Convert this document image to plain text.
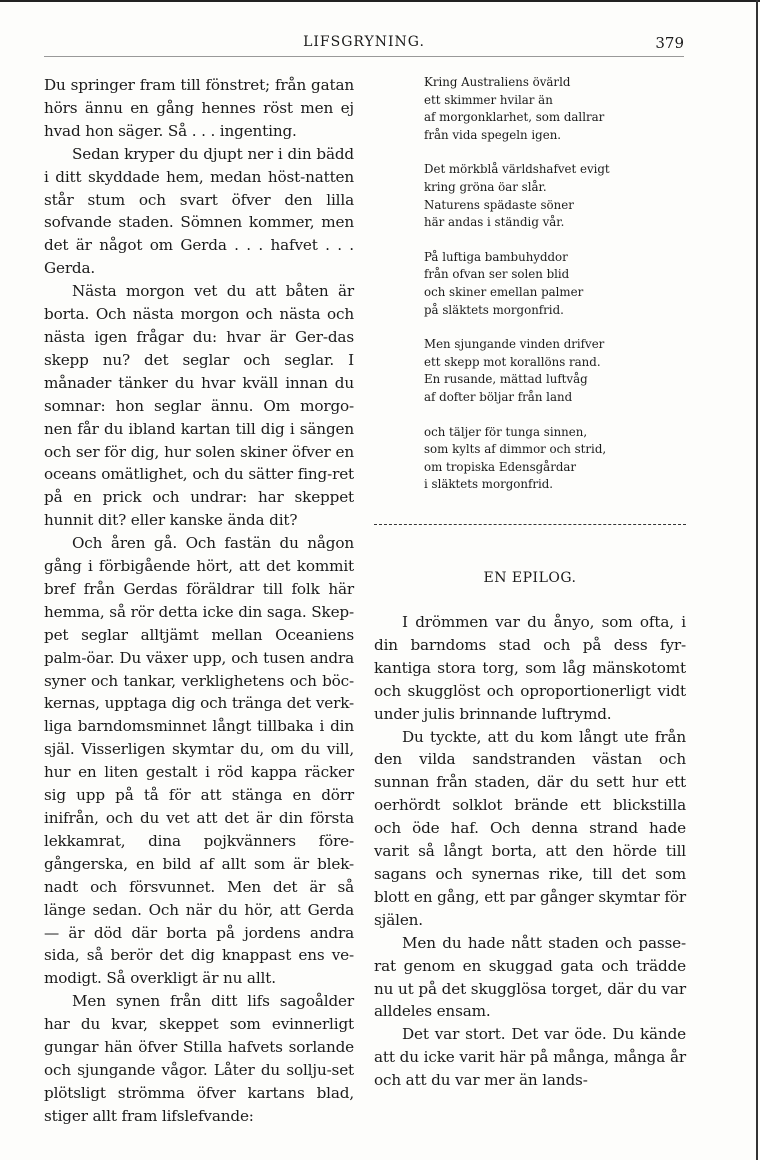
LIFSGRYNING.	379

Du springer fram till fönstret; från gatan hörs ännu en gång hennes röst men ej hvad hon säger. Så . . . ingenting.

Sedan kryper du djupt ner i din bädd i ditt skyddade hem, medan höst-natten står stum och svart öfver den lilla sofvande staden. Sömnen kommer, men det är något om Gerda . . . hafvet . . . Gerda.

Nästa morgon vet du att båten är borta. Och nästa morgon och nästa och nästa igen frågar du: hvar är Ger-das skepp nu? det seglar och seglar. I månader tänker du hvar kväll innan du somnar: hon seglar ännu. Om morgo-nen får du ibland kartan till dig i sängen och ser för dig, hur solen skiner öfver en oceans omätlighet, och du sätter fing-ret på en prick och undrar: har skeppet hunnit dit? eller kanske ända dit?

Och åren gå. Och fastän du någon gång i förbigående hört, att det kommit bref från Gerdas föräldrar till folk här hemma, så rör detta icke din saga. Skep-pet seglar alltjämt mellan Oceaniens palm-öar. Du växer upp, och tusen andra syner och tankar, verklighetens och böc-kernas, upptaga dig och tränga det verk-liga barndomsminnet långt tillbaka i din själ. Visserligen skymtar du, om du vill, hur en liten gestalt i röd kappa räcker sig upp på tå för att stänga en dörr inifrån, och du vet att det är din första lekkamrat, dina pojkvänners före-gångerska, en bild af allt som är blek-nadt och försvunnet. Men det är så länge sedan. Och när du hör, att Gerda — är död där borta på jordens andra sida, så berör det dig knappast ens ve-modigt. Så overkligt är nu allt.

Men synen från ditt lifs sagoålder har du kvar, skeppet som evinnerligt gungar hän öfver Stilla hafvets sorlande och sjungande vågor. Låter du sollju-set plötsligt strömma öfver kartans blad, stiger allt fram lifslefvande:

Kring Australiens övärld
ett skimmer hvilar än
af morgonklarhet, som dallrar
från vida spegeln igen.
Det mörkblå världshafvet evigt
kring gröna öar slår.
Naturens spädaste söner
här andas i ständig vår.
På luftiga bambuhyddor
från ofvan ser solen blid
och skiner emellan palmer
på släktets morgonfrid.
Men sjungande vinden drifver
ett skepp mot korallöns rand.
En rusande, mättad luftvåg
af dofter böljar från land
och täljer för tunga sinnen,
som kylts af dimmor och strid,
om tropiska Edensgårdar
i släktets morgonfrid.
EN EPILOG.

I drömmen var du ånyo, som ofta, i din barndoms stad och på dess fyr-kantiga stora torg, som låg mänskotomt och skugglöst och oproportionerligt vidt under julis brinnande luftrymd.

Du tyckte, att du kom långt ute från den vilda sandstranden västan och sunnan från staden, där du sett hur ett oerhördt solklot brände ett blickstilla och öde haf. Och denna strand hade varit så långt borta, att den hörde till sagans och synernas rike, till det som blott en gång, ett par gånger skymtar för själen.

Men du hade nått staden och passe-rat genom en skuggad gata och trädde nu ut på det skugglösa torget, där du var alldeles ensam.

Det var stort. Det var öde. Du kände att du icke varit här på många, många år och att du var mer än lands-
